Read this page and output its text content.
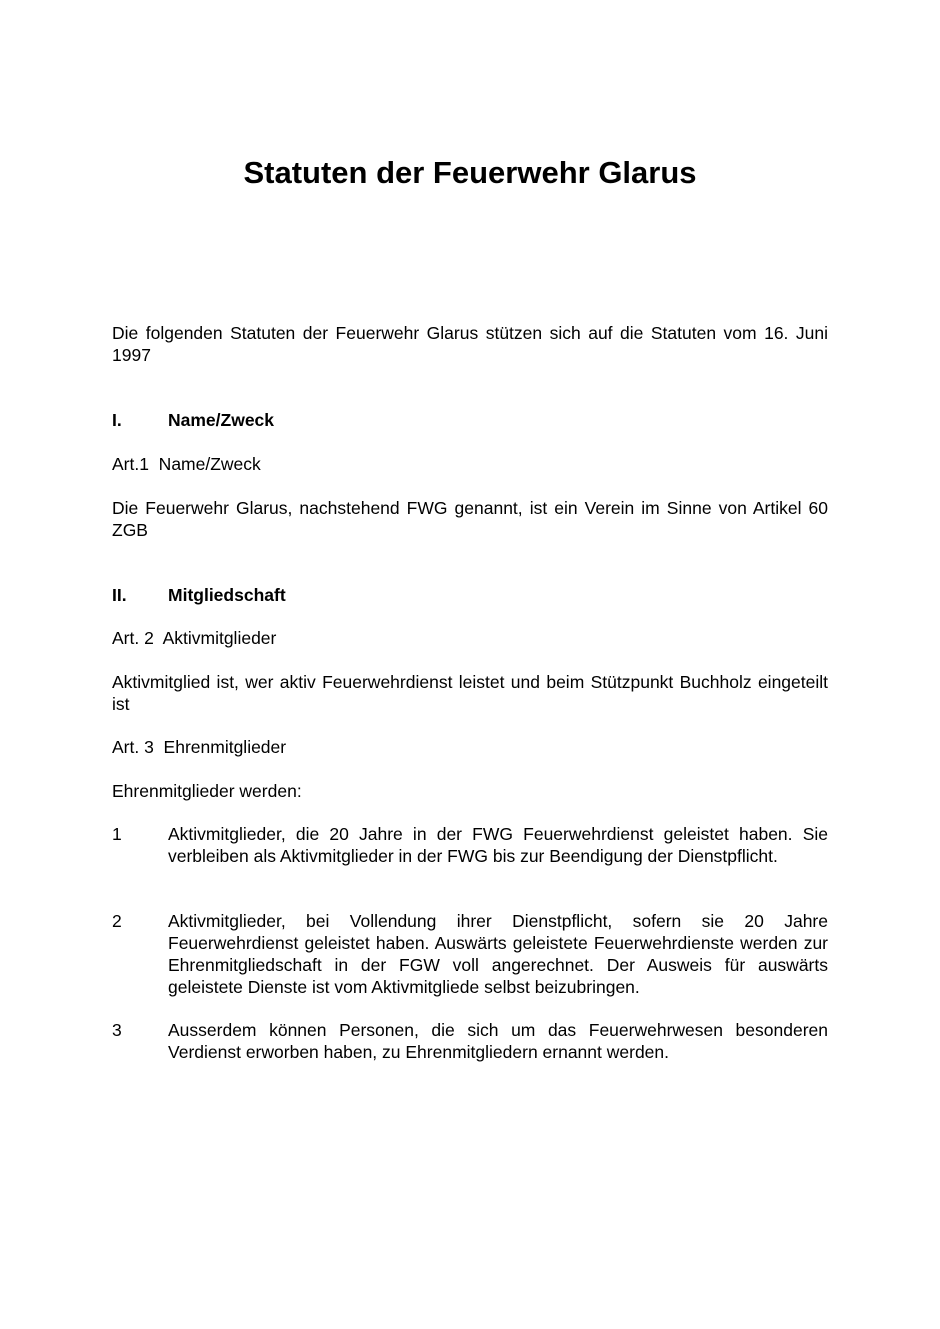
Statuten der Feuerwehr Glarus

Die folgenden Statuten der Feuerwehr Glarus stützen sich auf die Statuten vom 16. Juni 1997

I.	Name/Zweck

Art.1  Name/Zweck

Die Feuerwehr Glarus, nachstehend FWG genannt, ist ein Verein im Sinne von Artikel 60 ZGB

II. Mitgliedschaft

Art. 2  Aktivmitglieder

Aktivmitglied ist, wer aktiv Feuerwehrdienst leistet und beim Stützpunkt Buchholz eingeteilt ist

Art. 3  Ehrenmitglieder

Ehrenmitglieder werden:

1	Aktivmitglieder, die 20 Jahre in der FWG Feuerwehrdienst geleistet haben. Sie verbleiben als Aktivmitglieder in der FWG bis zur Beendigung der Dienstpflicht.
2	Aktivmitglieder, bei Vollendung ihrer Dienstpflicht, sofern sie 20 Jahre Feuerwehrdienst geleistet haben. Auswärts geleistete Feuerwehrdienste werden zur Ehrenmitgliedschaft in der FGW voll angerechnet. Der Ausweis für auswärts geleistete Dienste ist vom Aktivmitgliede selbst beizubringen.
3	Ausserdem können Personen, die sich um das Feuerwehrwesen besonderen Verdienst erworben haben, zu Ehrenmitgliedern ernannt werden.
